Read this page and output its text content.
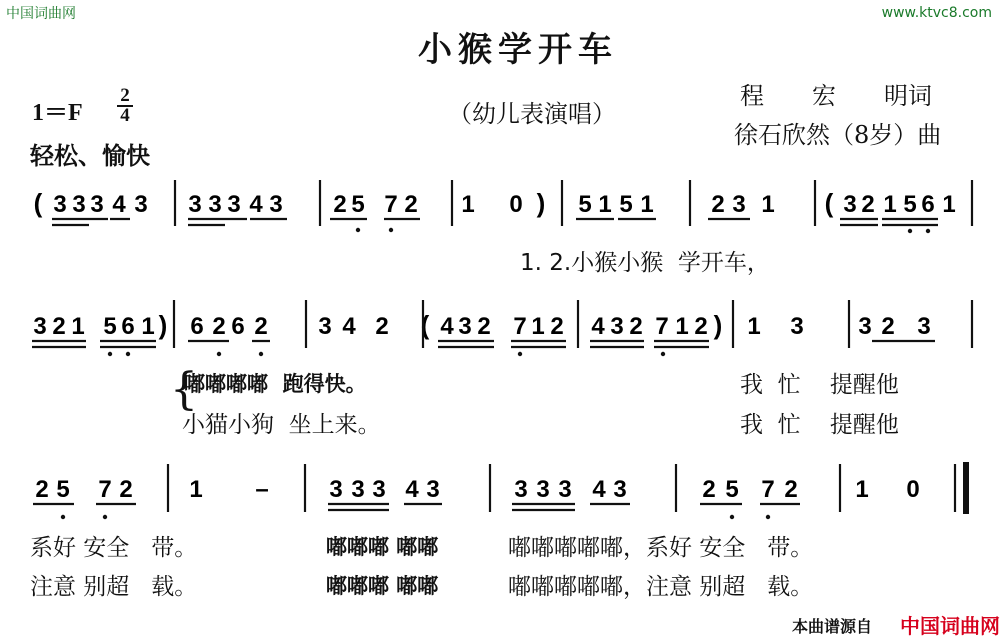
中国词曲网	www.ktvc8.com
小猴学开车
$1=F \frac{2}{4}$
轻松、愉快
（幼儿表演唱）
程　　宏　　明词
徐石欣然（8岁）曲
( 3 3 3 4 3 3 3 3 4 3 2 5 7 2 1 0 ) 5 1 5 1 2 3 1 ( 3 2 1 5 6 1
3 2 1 5 6 1 ) 6 2 6 2 3 4 2 ( 4 3 2 7 1 2 4 3 2 7 1 2 ) 1 3 3 2 3
2 5 7 2 1 –	3 3 3 4 3	3 3 3 4 3	2 5 7 2 1 0
1. 2.小猴小猴  学开车，
{
嘟嘟嘟嘟  跑得快。	我  忙    提醒他
小猫小狗  坐上来。	我  忙    提醒他
系好 安全   带。	嘟嘟嘟 嘟嘟	嘟嘟嘟嘟嘟，系好 安全   带。
注意 别超   载。	嘟嘟嘟 嘟嘟	嘟嘟嘟嘟嘟，注意 别超   载。
本曲谱源自 中国词曲网
